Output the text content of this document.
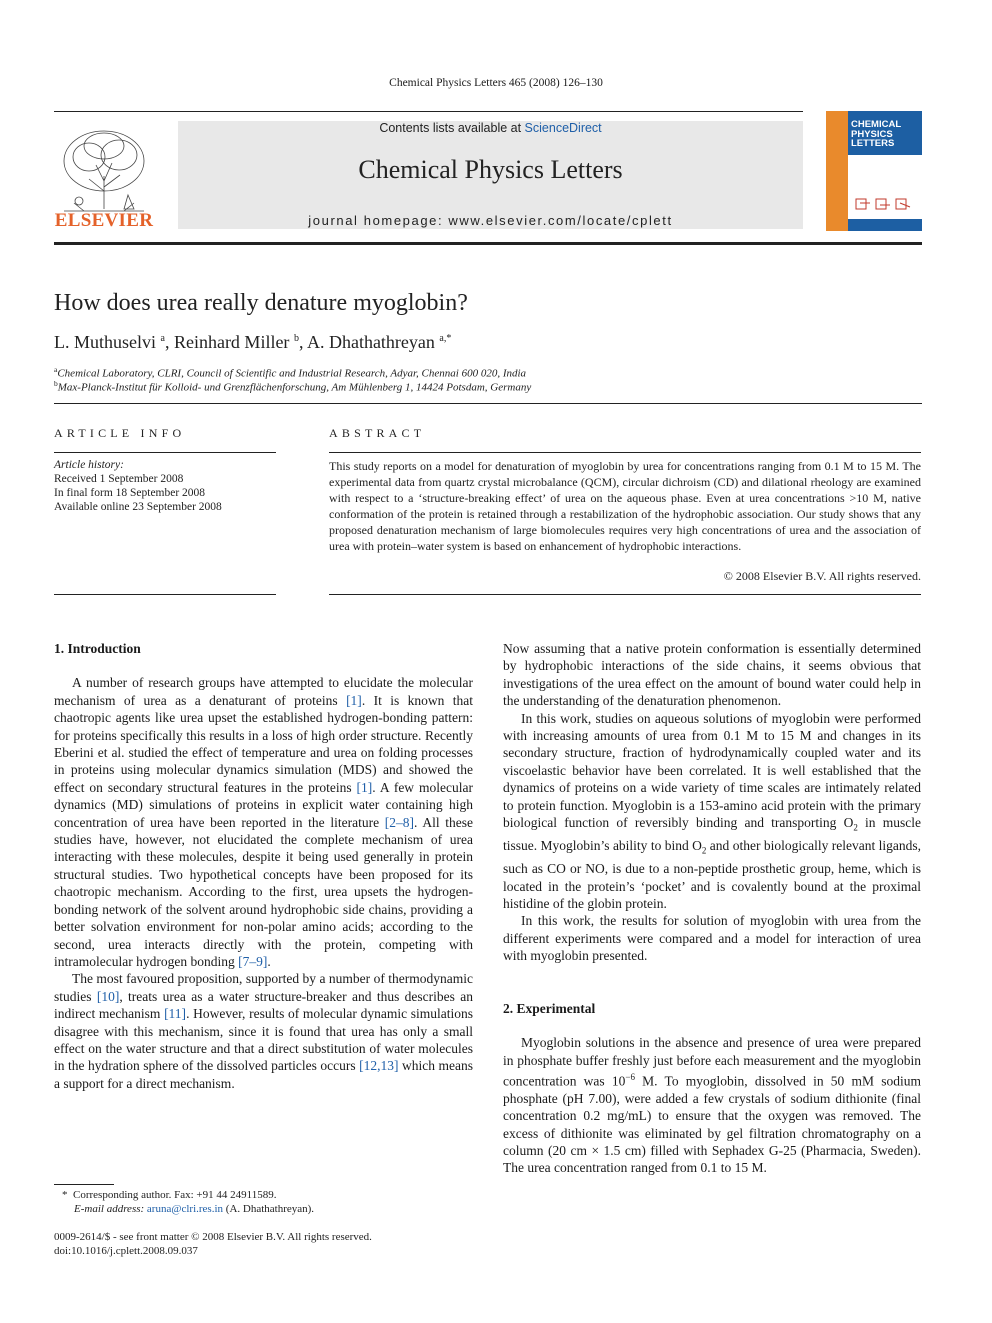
Chemical Physics Letters 465 (2008) 126–130
ELSEVIER
Contents lists available at ScienceDirect
Chemical Physics Letters
journal homepage: www.elsevier.com/locate/cplett
CHEMICAL
PHYSICS
LETTERS
How does urea really denature myoglobin?
L. Muthuselvi $^a$, Reinhard Miller $^b$, A. Dhathathreyan $^{a,*}$
$^a$Chemical Laboratory, CLRI, Council of Scientific and Industrial Research, Adyar, Chennai 600 020, India
$^b$Max-Planck-Institut für Kolloid- und Grenzflächenforschung, Am Mühlenberg 1, 14424 Potsdam, Germany
ARTICLE INFO
Article history:
Received 1 September 2008
In final form 18 September 2008
Available online 23 September 2008
ABSTRACT
This study reports on a model for denaturation of myoglobin by urea for concentrations ranging from 0.1 M to 15 M. The experimental data from quartz crystal microbalance (QCM), circular dichroism (CD) and dilational rheology are examined with respect to a ‘structure-breaking effect’ of urea on the aqueous phase. Even at urea concentrations >10 M, native conformation of the protein is retained through a restabilization of the hydrophobic association. Our study shows that any proposed denaturation mechanism of large biomolecules requires very high concentrations of urea and the association of urea with protein–water system is based on enhancement of hydrophobic interactions.
© 2008 Elsevier B.V. All rights reserved.
1. Introduction

A number of research groups have attempted to elucidate the molecular mechanism of urea as a denaturant of proteins [1]. It is known that chaotropic agents like urea upset the established hydrogen-bonding pattern: for proteins specifically this results in a loss of high order structure. Recently Eberini et al. studied the effect of temperature and urea on folding processes in proteins using molecular dynamics simulation (MDS) and showed the effect on secondary structural features in the proteins [1]. A few molecular dynamics (MD) simulations of proteins in explicit water containing high concentration of urea have been reported in the literature [2–8]. All these studies have, however, not elucidated the complete mechanism of urea interacting with these molecules, despite it being used generally in protein structural studies. Two hypothetical concepts have been proposed for its chaotropic mechanism. According to the first, urea upsets the hydrogen-bonding network of the solvent around hydrophobic side chains, providing a better solvation environment for non-polar amino acids; according to the second, urea interacts directly with the protein, competing with intramolecular hydrogen bonding [7–9].

The most favoured proposition, supported by a number of thermodynamic studies [10], treats urea as a water structure-breaker and thus describes an indirect mechanism [11]. However, results of molecular dynamic simulations disagree with this mechanism, since it is found that urea has only a small effect on the water structure and that a direct substitution of water molecules in the hydration sphere of the dissolved particles occurs [12,13] which means a support for a direct mechanism.

Now assuming that a native protein conformation is essentially determined by hydrophobic interactions of the side chains, it seems obvious that investigations of the urea effect on the amount of bound water could help in the understanding of the denaturation phenomenon.

In this work, studies on aqueous solutions of myoglobin were performed with increasing amounts of urea from 0.1 M to 15 M and changes in its secondary structure, fraction of hydrodynamically coupled water and its viscoelastic behavior have been correlated. It is well established that the dynamics of proteins on a wide variety of time scales are intimately related to protein function. Myoglobin is a 153-amino acid protein with the primary biological function of reversibly binding and transporting $O_2$ in muscle tissue. Myoglobin’s ability to bind $O_2$ and other biologically relevant ligands, such as CO or NO, is due to a non-peptide prosthetic group, heme, which is located in the protein’s ‘pocket’ and is covalently bound at the proximal histidine of the globin protein.

In this work, the results for solution of myoglobin with urea from the different experiments were compared and a model for interaction of urea with myoglobin presented.

2. Experimental

Myoglobin solutions in the absence and presence of urea were prepared in phosphate buffer freshly just before each measurement and the myoglobin concentration was $10^{-6}$ M. To myoglobin, dissolved in 50 mM sodium phosphate (pH 7.00), were added a few crystals of sodium dithionite (final concentration 0.2 mg/mL) to ensure that the oxygen was removed. The excess of dithionite was eliminated by gel filtration chromatography on a column (20 cm × 1.5 cm) filled with Sephadex G-25 (Pharmacia, Sweden). The urea concentration ranged from 0.1 to 15 M.

* Corresponding author. Fax: +91 44 24911589.
E-mail address: aruna@clri.res.in (A. Dhathathreyan).
0009-2614/$ - see front matter © 2008 Elsevier B.V. All rights reserved.
doi:10.1016/j.cplett.2008.09.037
